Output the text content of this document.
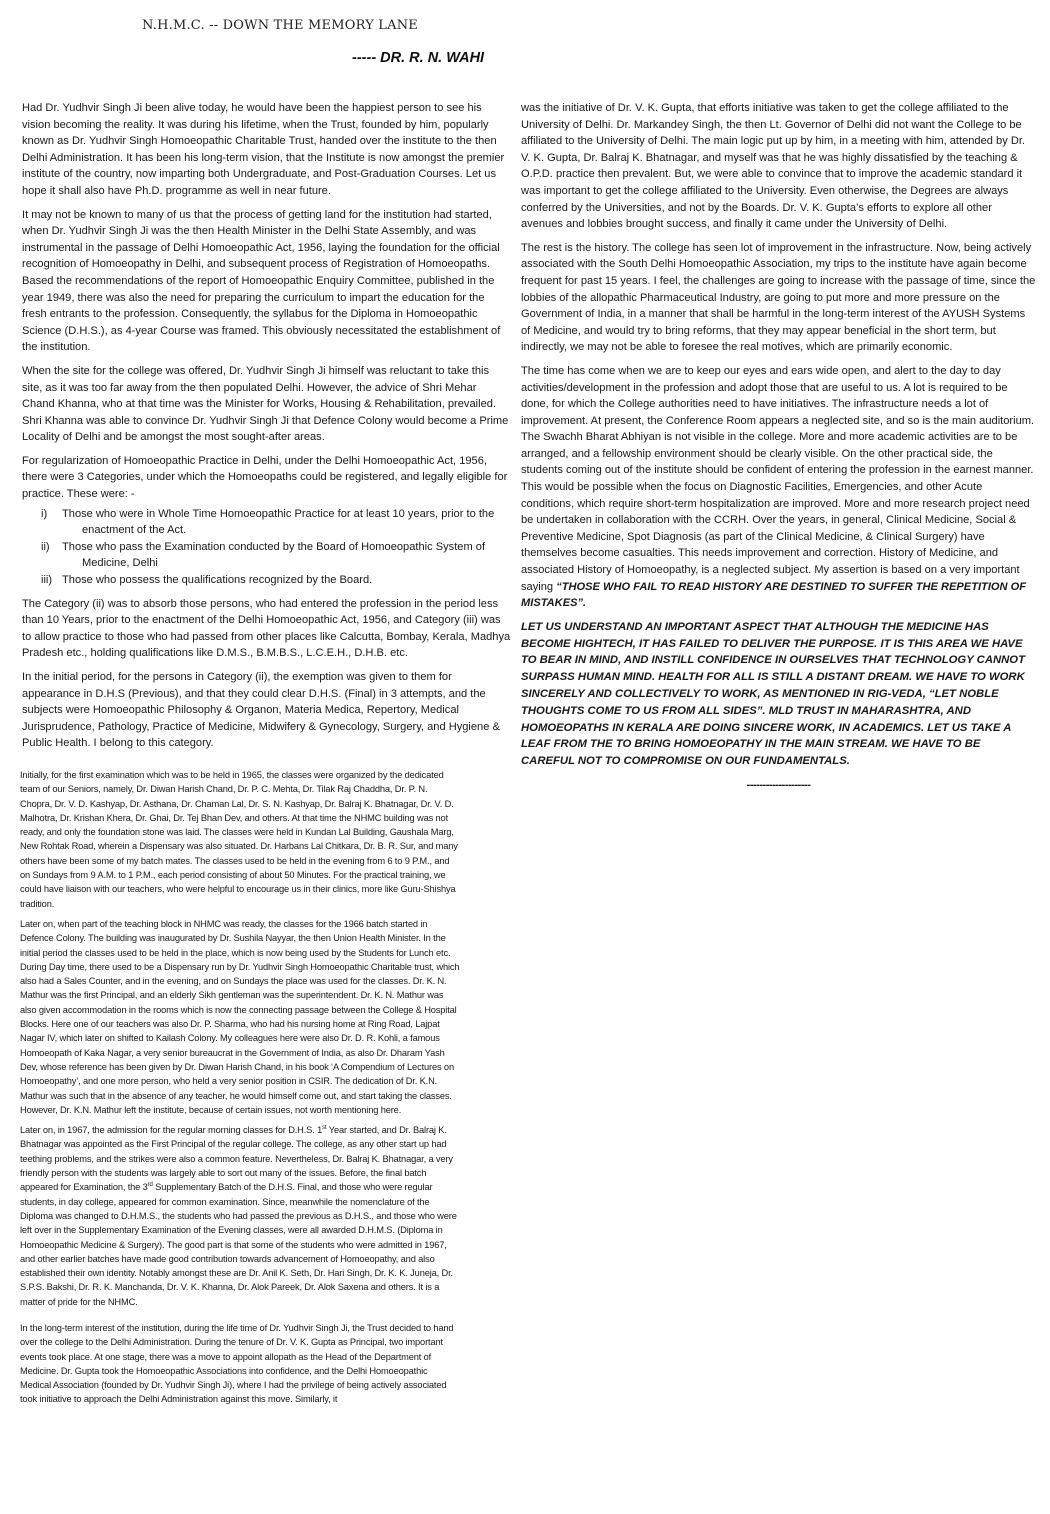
N.H.M.C. -- DOWN THE MEMORY LANE
----- DR. R. N. WAHI

Had Dr. Yudhvir Singh Ji been alive today, he would have been the happiest person to see his vision becoming the reality. It was during his lifetime, when the Trust, founded by him, popularly known as Dr. Yudhvir Singh Homoeopathic Charitable Trust, handed over the institute to the then Delhi Administration. It has been his long-term vision, that the Institute is now amongst the premier institute of the country, now imparting both Undergraduate, and Post-Graduation Courses. Let us hope it shall also have Ph.D. programme as well in near future.

It may not be known to many of us that the process of getting land for the institution had started, when Dr. Yudhvir Singh Ji was the then Health Minister in the Delhi State Assembly, and was instrumental in the passage of Delhi Homoeopathic Act, 1956, laying the foundation for the official recognition of Homoeopathy in Delhi, and subsequent process of Registration of Homoeopaths. Based the recommendations of the report of Homoeopathic Enquiry Committee, published in the year 1949, there was also the need for preparing the curriculum to impart the education for the fresh entrants to the profession. Consequently, the syllabus for the Diploma in Homoeopathic Science (D.H.S.), as 4-year Course was framed. This obviously necessitated the establishment of the institution.

When the site for the college was offered, Dr. Yudhvir Singh Ji himself was reluctant to take this site, as it was too far away from the then populated Delhi. However, the advice of Shri Mehar Chand Khanna, who at that time was the Minister for Works, Housing & Rehabilitation, prevailed. Shri Khanna was able to convince Dr. Yudhvir Singh Ji that Defence Colony would become a Prime Locality of Delhi and be amongst the most sought-after areas.

For regularization of Homoeopathic Practice in Delhi, under the Delhi Homoeopathic Act, 1956, there were 3 Categories, under which the Homoeopaths could be registered, and legally eligible for practice. These were: -

i) Those who were in Whole Time Homoeopathic Practice for at least 10 years, prior to the
enactment of the Act.
ii) Those who pass the Examination conducted by the Board of Homoeopathic System of
Medicine, Delhi
iii) Those who possess the qualifications recognized by the Board.

The Category (ii) was to absorb those persons, who had entered the profession in the period less than 10 Years, prior to the enactment of the Delhi Homoeopathic Act, 1956, and Category (iii) was to allow practice to those who had passed from other places like Calcutta, Bombay, Kerala, Madhya Pradesh etc., holding qualifications like D.M.S., B.M.B.S., L.C.E.H., D.H.B. etc.

In the initial period, for the persons in Category (ii), the exemption was given to them for appearance in D.H.S (Previous), and that they could clear D.H.S. (Final) in 3 attempts, and the subjects were Homoeopathic Philosophy & Organon, Materia Medica, Repertory, Medical Jurisprudence, Pathology, Practice of Medicine, Midwifery & Gynecology, Surgery, and Hygiene & Public Health. I belong to this category.

Initially, for the first examination which was to be held in 1965, the classes were organized by the dedicated team of our Seniors, namely, Dr. Diwan Harish Chand, Dr. P. C. Mehta, Dr. Tilak Raj Chaddha, Dr. P. N. Chopra, Dr. V. D. Kashyap, Dr. Asthana, Dr. Chaman Lal, Dr. S. N. Kashyap, Dr. Balraj K. Bhatnagar, Dr. V. D. Malhotra, Dr. Krishan Khera, Dr. Ghai, Dr. Tej Bhan Dev, and others. At that time the NHMC building was not ready, and only the foundation stone was laid. The classes were held in Kundan Lal Building, Gaushala Marg, New Rohtak Road, wherein a Dispensary was also situated. Dr. Harbans Lal Chitkara, Dr. B. R. Sur, and many others have been some of my batch mates. The classes used to be held in the evening from 6 to 9 P.M., and on Sundays from 9 A.M. to 1 P.M., each period consisting of about 50 Minutes. For the practical training, we could have liaison with our teachers, who were helpful to encourage us in their clinics, more like Guru-Shishya tradition.

Later on, when part of the teaching block in NHMC was ready, the classes for the 1966 batch started in Defence Colony. The building was inaugurated by Dr. Sushila Nayyar, the then Union Health Minister. In the initial period the classes used to be held in the place, which is now being used by the Students for Lunch etc. During Day time, there used to be a Dispensary run by Dr. Yudhvir Singh Homoeopathic Charitable trust, which also had a Sales Counter, and in the evening, and on Sundays the place was used for the classes. Dr. K. N. Mathur was the first Principal, and an elderly Sikh gentleman was the superintendent. Dr. K. N. Mathur was also given accommodation in the rooms which is now the connecting passage between the College & Hospital Blocks. Here one of our teachers was also Dr. P. Sharma, who had his nursing home at Ring Road, Lajpat Nagar IV, which later on shifted to Kailash Colony. My colleagues here were also Dr. D. R. Kohli, a famous Homoeopath of Kaka Nagar, a very senior bureaucrat in the Government of India, as also Dr. Dharam Yash Dev, whose reference has been given by Dr. Diwan Harish Chand, in his book ‘A Compendium of Lectures on Homoeopathy’, and one more person, who held a very senior position in CSIR. The dedication of Dr. K.N. Mathur was such that in the absence of any teacher, he would himself come out, and start taking the classes. However, Dr. K.N. Mathur left the institute, because of certain issues, not worth mentioning here.

Later on, in 1967, the admission for the regular morning classes for D.H.S. 1st Year started, and Dr. Balraj K. Bhatnagar was appointed as the First Principal of the regular college. The college, as any other start up had teething problems, and the strikes were also a common feature. Nevertheless, Dr. Balraj K. Bhatnagar, a very friendly person with the students was largely able to sort out many of the issues. Before, the final batch appeared for Examination, the 3rd Supplementary Batch of the D.H.S. Final, and those who were regular students, in day college, appeared for common examination. Since, meanwhile the nomenclature of the Diploma was changed to D.H.M.S., the students who had passed the previous as D.H.S., and those who were left over in the Supplementary Examination of the Evening classes, were all awarded D.H.M.S. (Diploma in Homoeopathic Medicine & Surgery). The good part is that some of the students who were admitted in 1967, and other earlier batches have made good contribution towards advancement of Homoeopathy, and also established their own identity. Notably amongst these are Dr. Anil K. Seth, Dr. Hari Singh, Dr. K. K. Juneja, Dr. S.P.S. Bakshi, Dr. R. K. Manchanda, Dr. V. K. Khanna, Dr. Alok Pareek, Dr. Alok Saxena and others. It is a matter of pride for the NHMC.

In the long-term interest of the institution, during the life time of Dr. Yudhvir Singh Ji, the Trust decided to hand over the college to the Delhi Administration. During the tenure of Dr. V. K. Gupta as Principal, two important events took place. At one stage, there was a move to appoint allopath as the Head of the Department of Medicine. Dr. Gupta took the Homoeopathic Associations into confidence, and the Delhi Homoeopathic Medical Association (founded by Dr. Yudhvir Singh Ji), where I had the privilege of being actively associated took initiative to approach the Delhi Administration against this move. Similarly, it

was the initiative of Dr. V. K. Gupta, that efforts initiative was taken to get the college affiliated to the University of Delhi. Dr. Markandey Singh, the then Lt. Governor of Delhi did not want the College to be affiliated to the University of Delhi. The main logic put up by him, in a meeting with him, attended by Dr. V. K. Gupta, Dr. Balraj K. Bhatnagar, and myself was that he was highly dissatisfied by the teaching & O.P.D. practice then prevalent. But, we were able to convince that to improve the academic standard it was important to get the college affiliated to the University. Even otherwise, the Degrees are always conferred by the Universities, and not by the Boards. Dr. V. K. Gupta’s efforts to explore all other avenues and lobbies brought success, and finally it came under the University of Delhi.

The rest is the history. The college has seen lot of improvement in the infrastructure. Now, being actively associated with the South Delhi Homoeopathic Association, my trips to the institute have again become frequent for past 15 years. I feel, the challenges are going to increase with the passage of time, since the lobbies of the allopathic Pharmaceutical Industry, are going to put more and more pressure on the Government of India, in a manner that shall be harmful in the long-term interest of the AYUSH Systems of Medicine, and would try to bring reforms, that they may appear beneficial in the short term, but indirectly, we may not be able to foresee the real motives, which are primarily economic.

The time has come when we are to keep our eyes and ears wide open, and alert to the day to day activities/development in the profession and adopt those that are useful to us. A lot is required to be done, for which the College authorities need to have initiatives. The infrastructure needs a lot of improvement. At present, the Conference Room appears a neglected site, and so is the main auditorium. The Swachh Bharat Abhiyan is not visible in the college. More and more academic activities are to be arranged, and a fellowship environment should be clearly visible. On the other practical side, the students coming out of the institute should be confident of entering the profession in the earnest manner. This would be possible when the focus on Diagnostic Facilities, Emergencies, and other Acute conditions, which require short-term hospitalization are improved. More and more research project need be undertaken in collaboration with the CCRH. Over the years, in general, Clinical Medicine, Social & Preventive Medicine, Spot Diagnosis (as part of the Clinical Medicine, & Clinical Surgery) have themselves become casualties. This needs improvement and correction. History of Medicine, and associated History of Homoeopathy, is a neglected subject. My assertion is based on a very important saying “THOSE WHO FAIL TO READ HISTORY ARE DESTINED TO SUFFER THE REPETITION OF MISTAKES”.

LET US UNDERSTAND AN IMPORTANT ASPECT THAT ALTHOUGH THE MEDICINE HAS BECOME HIGHTECH, IT HAS FAILED TO DELIVER THE PURPOSE. IT IS THIS AREA WE HAVE TO BEAR IN MIND, AND INSTILL CONFIDENCE IN OURSELVES THAT TECHNOLOGY CANNOT SURPASS HUMAN MIND. HEALTH FOR ALL IS STILL A DISTANT DREAM. WE HAVE TO WORK SINCERELY AND COLLECTIVELY TO WORK, AS MENTIONED IN RIG-VEDA, “LET NOBLE THOUGHTS COME TO US FROM ALL SIDES”. MLD TRUST IN MAHARASHTRA, AND HOMOEOPATHS IN KERALA ARE DOING SINCERE WORK, IN ACADEMICS. LET US TAKE A LEAF FROM THE TO BRING HOMOEOPATHY IN THE MAIN STREAM. WE HAVE TO BE CAREFUL NOT TO COMPROMISE ON OUR FUNDAMENTALS.

--------------------
